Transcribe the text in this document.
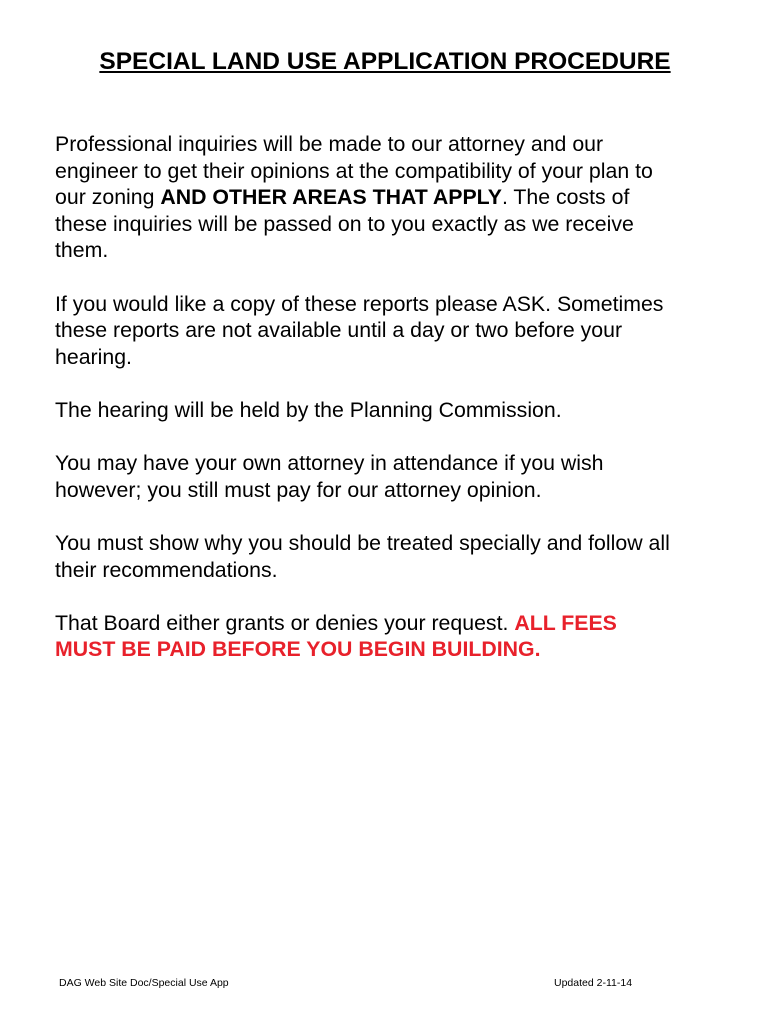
SPECIAL LAND USE APPLICATION PROCEDURE

Professional inquiries will be made to our attorney and our

engineer to get their opinions at the compatibility of your plan to

our zoning AND OTHER AREAS THAT APPLY. The costs of

these inquiries will be passed on to you exactly as we receive

them.

If you would like a copy of these reports please ASK. Sometimes

these reports are not available until a day or two before your

hearing.

The hearing will be held by the Planning Commission.

You may have your own attorney in attendance if you wish

however; you still must pay for our attorney opinion.

You must show why you should be treated specially and follow all

their recommendations.

That Board either grants or denies your request. ALL FEES

MUST BE PAID BEFORE YOU BEGIN BUILDING.

DAG Web Site Doc/Special Use App	Updated 2-11-14
